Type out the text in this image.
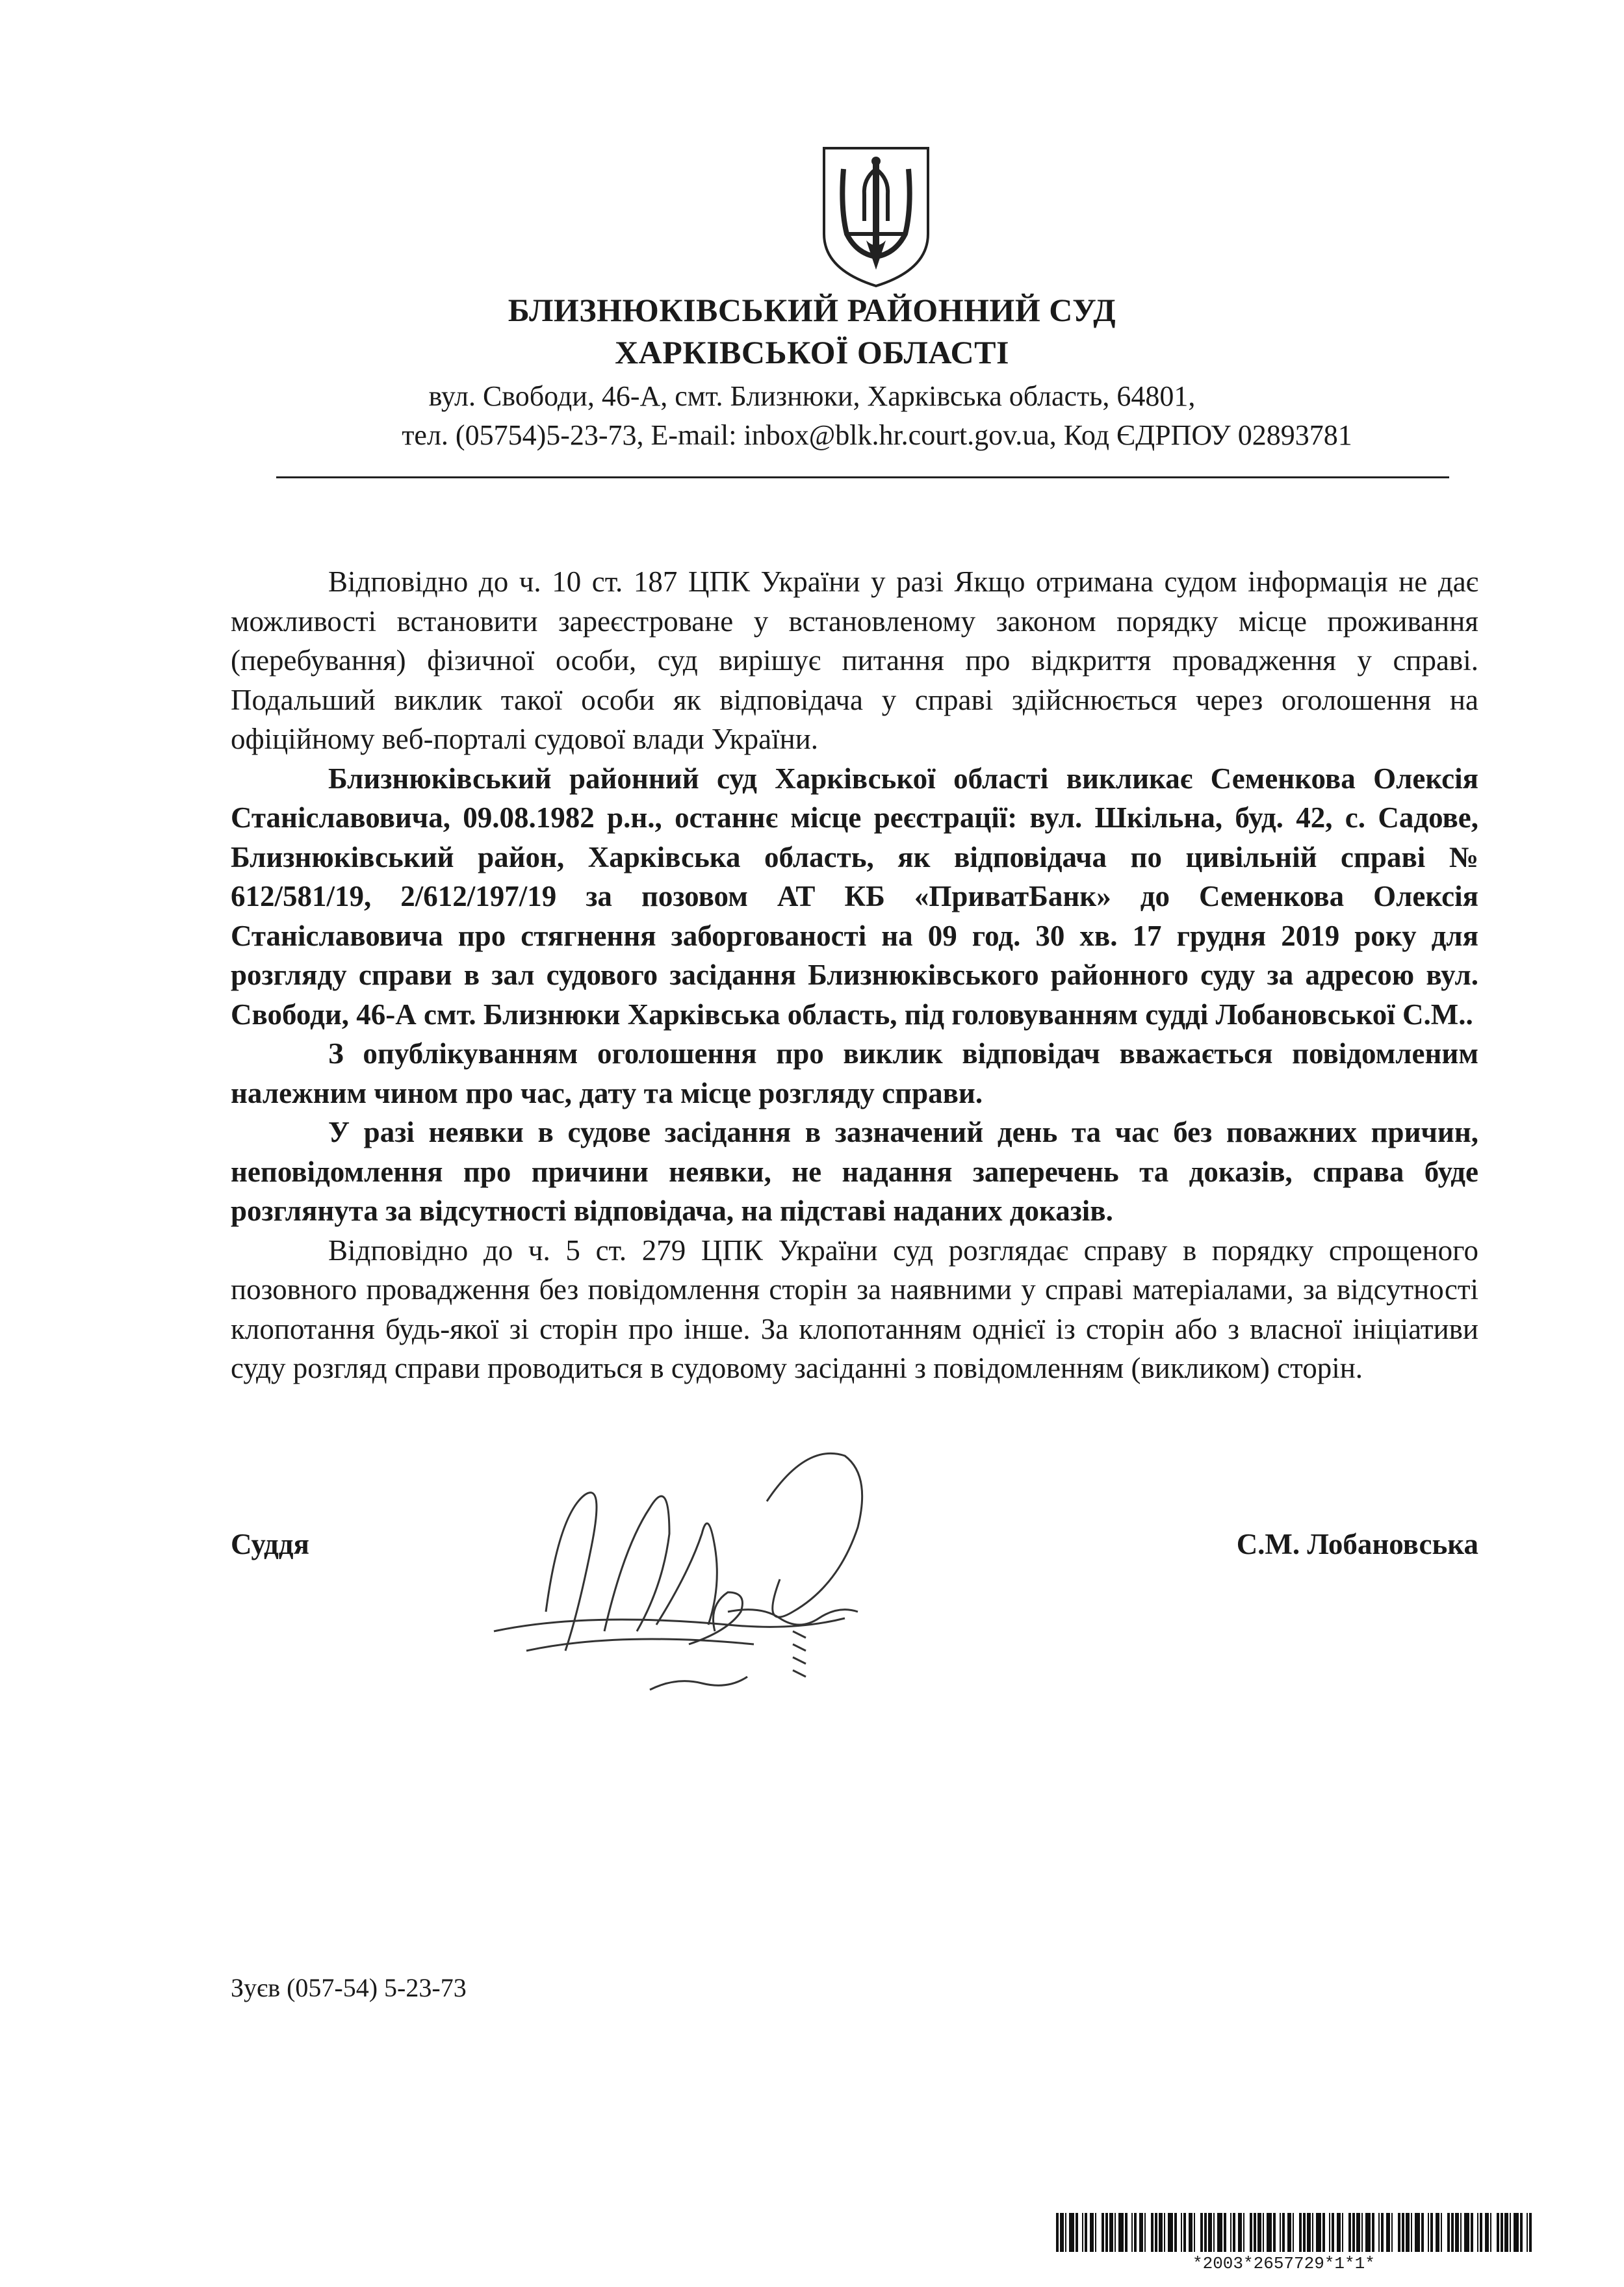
БЛИЗНЮКІВСЬКИЙ РАЙОННИЙ СУД
ХАРКІВСЬКОЇ ОБЛАСТІ
вул. Свободи, 46-А, смт. Близнюки, Харківська область, 64801,
тел. (05754)5-23-73, E-mail: inbox@blk.hr.court.gov.ua, Код ЄДРПОУ 02893781

Відповідно до ч. 10 ст. 187 ЦПК України у разі Якщо отримана судом інформація не дає можливості встановити зареєстроване у встановленому законом порядку місце проживання (перебування) фізичної особи, суд вирішує питання про відкриття провадження у справі. Подальший виклик такої особи як відповідача у справі здійснюється через оголошення на офіційному веб-порталі судової влади України.

Близнюківський районний суд Харківської області викликає Семенкова Олексія Станіславовича, 09.08.1982 р.н., останнє місце реєстрації: вул. Шкільна, буд. 42, с. Садове, Близнюківський район, Харківська область, як відповідача по цивільній справі № 612/581/19, 2/612/197/19 за позовом АТ КБ «ПриватБанк» до Семенкова Олексія Станіславовича про стягнення заборгованості на 09 год. 30 хв. 17 грудня 2019 року для розгляду справи в зал судового засідання Близнюківського районного суду за адресою вул. Свободи, 46-А смт. Близнюки Харківська область, під головуванням судді Лобановської С.М..

З опублікуванням оголошення про виклик відповідач вважається повідомленим належним чином про час, дату та місце розгляду справи.

У разі неявки в судове засідання в зазначений день та час без поважних причин, неповідомлення про причини неявки, не надання заперечень та доказів, справа буде розглянута за відсутності відповідача, на підставі наданих доказів.

Відповідно до ч. 5 ст. 279 ЦПК України суд розглядає справу в порядку спрощеного позовного провадження без повідомлення сторін за наявними у справі матеріалами, за відсутності клопотання будь-якої зі сторін про інше. За клопотанням однієї із сторін або з власної ініціативи суду розгляд справи проводиться в судовому засіданні з повідомленням (викликом) сторін.

Суддя	С.М. Лобановська
Зуєв (057-54) 5-23-73
*2003*2657729*1*1*
